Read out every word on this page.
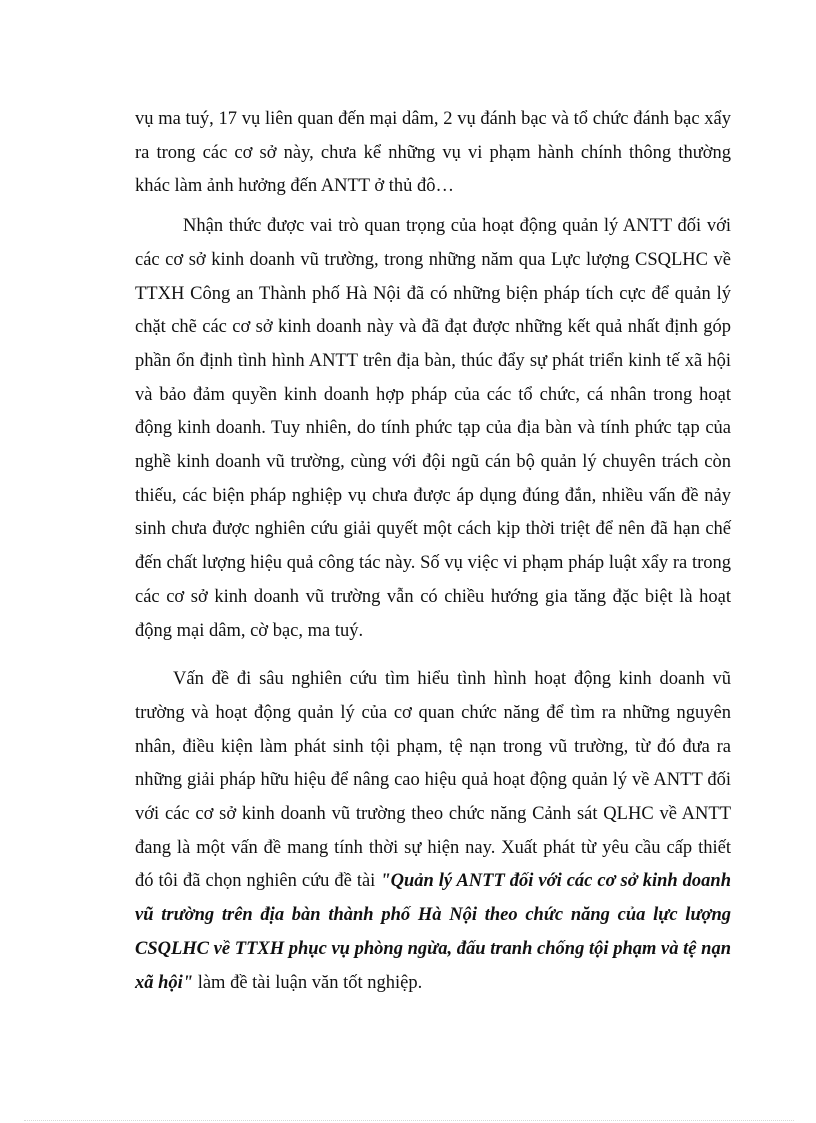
vụ ma tuý, 17 vụ liên quan đến mại dâm, 2 vụ đánh bạc và tổ chức đánh bạc xẩy ra trong các cơ sở này, chưa kể những vụ vi phạm hành chính thông thường khác làm ảnh hưởng đến ANTT ở thủ đô…

Nhận thức được vai trò quan trọng của hoạt động quản lý ANTT đối với các cơ sở kinh doanh vũ trường, trong những năm qua Lực lượng CSQLHC về TTXH Công an Thành phố Hà Nội đã có những biện pháp tích cực để quản lý chặt chẽ các cơ sở kinh doanh này và đã đạt được những kết quả nhất định góp phần ổn định tình hình ANTT trên địa bàn, thúc đẩy sự phát triển kinh tế xã hội và bảo đảm quyền kinh doanh hợp pháp của các tổ chức, cá nhân trong hoạt động kinh doanh. Tuy nhiên, do tính phức tạp của địa bàn và tính phức tạp của nghề kinh doanh vũ trường, cùng với đội ngũ cán bộ quản lý chuyên trách còn thiếu, các biện pháp nghiệp vụ chưa được áp dụng đúng đắn, nhiều vấn đề nảy sinh chưa được nghiên cứu giải quyết một cách kịp thời triệt để nên đã hạn chế đến chất lượng hiệu quả công tác này. Số vụ việc vi phạm pháp luật xẩy ra trong các cơ sở kinh doanh vũ trường vẫn có chiều hướng gia tăng đặc biệt là hoạt động mại dâm, cờ bạc, ma tuý.

Vấn đề đi sâu nghiên cứu tìm hiểu tình hình hoạt động kinh doanh vũ trường và hoạt động quản lý của cơ quan chức năng để tìm ra những nguyên nhân, điều kiện làm phát sinh tội phạm, tệ nạn trong vũ trường, từ đó đưa ra những giải pháp hữu hiệu để nâng cao hiệu quả hoạt động quản lý về ANTT đối với các cơ sở kinh doanh vũ trường theo chức năng Cảnh sát QLHC về ANTT đang là một vấn đề mang tính thời sự hiện nay. Xuất phát từ yêu cầu cấp thiết đó tôi đã chọn nghiên cứu đề tài "Quản lý ANTT đối với các cơ sở kinh doanh vũ trường trên địa bàn thành phố Hà Nội theo chức năng của lực lượng CSQLHC về TTXH phục vụ phòng ngừa, đấu tranh chống tội phạm và tệ nạn xã hội" làm đề tài luận văn tốt nghiệp.
